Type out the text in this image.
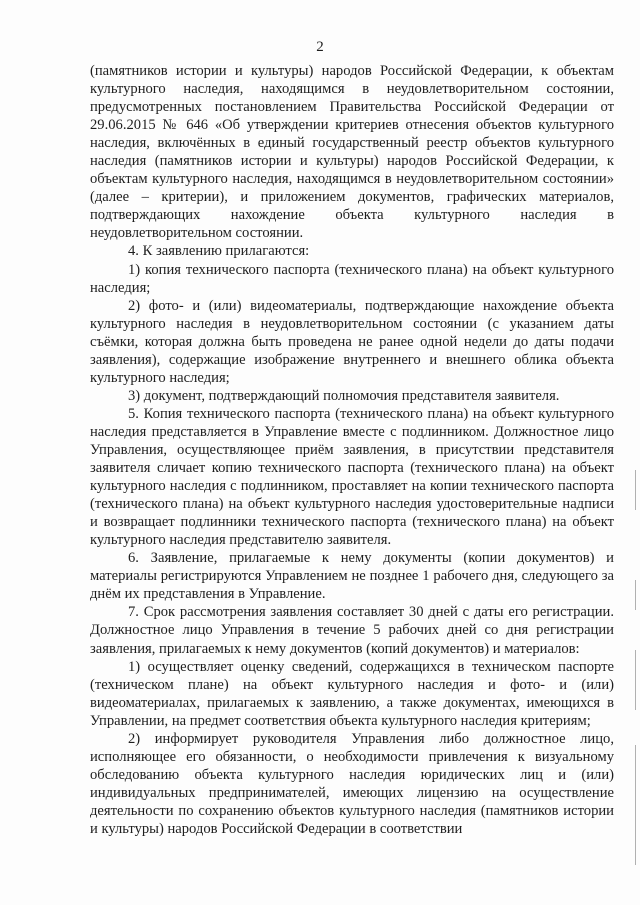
2

(памятников истории и культуры) народов Российской Федерации, к объектам культурного наследия, находящимся в неудовлетворительном состоянии, предусмотренных постановлением Правительства Российской Федерации от 29.06.2015 № 646 «Об утверждении критериев отнесения объектов культурного наследия, включённых в единый государственный реестр объектов культурного наследия (памятников истории и культуры) народов Российской Федерации, к объектам культурного наследия, находящимся в неудовлетворительном состоянии» (далее – критерии), и приложением документов, графических материалов, подтверждающих нахождение объекта культурного наследия в неудовлетворительном состоянии.

4. К заявлению прилагаются:

1) копия технического паспорта (технического плана) на объект культурного наследия;

2) фото- и (или) видеоматериалы, подтверждающие нахождение объекта культурного наследия в неудовлетворительном состоянии (с указанием даты съёмки, которая должна быть проведена не ранее одной недели до даты подачи заявления), содержащие изображение внутреннего и внешнего облика объекта культурного наследия;

3) документ, подтверждающий полномочия представителя заявителя.

5. Копия технического паспорта (технического плана) на объект культурного наследия представляется в Управление вместе с подлинником. Должностное лицо Управления, осуществляющее приём заявления, в присутствии представителя заявителя сличает копию технического паспорта (технического плана) на объект культурного наследия с подлинником, проставляет на копии технического паспорта (технического плана) на объект культурного наследия удостоверительные надписи и возвращает подлинники технического паспорта (технического плана) на объект культурного наследия представителю заявителя.

6. Заявление, прилагаемые к нему документы (копии документов) и материалы регистрируются Управлением не позднее 1 рабочего дня, следующего за днём их представления в Управление.

7. Срок рассмотрения заявления составляет 30 дней с даты его регистрации. Должностное лицо Управления в течение 5 рабочих дней со дня регистрации заявления, прилагаемых к нему документов (копий документов) и материалов:

1) осуществляет оценку сведений, содержащихся в техническом паспорте (техническом плане) на объект культурного наследия и фото- и (или) видеоматериалах, прилагаемых к заявлению, а также документах, имеющихся в Управлении, на предмет соответствия объекта культурного наследия критериям;

2) информирует руководителя Управления либо должностное лицо, исполняющее его обязанности, о необходимости привлечения к визуальному обследованию объекта культурного наследия юридических лиц и (или) индивидуальных предпринимателей, имеющих лицензию на осуществление деятельности по сохранению объектов культурного наследия (памятников истории и культуры) народов Российской Федерации в соответствии
